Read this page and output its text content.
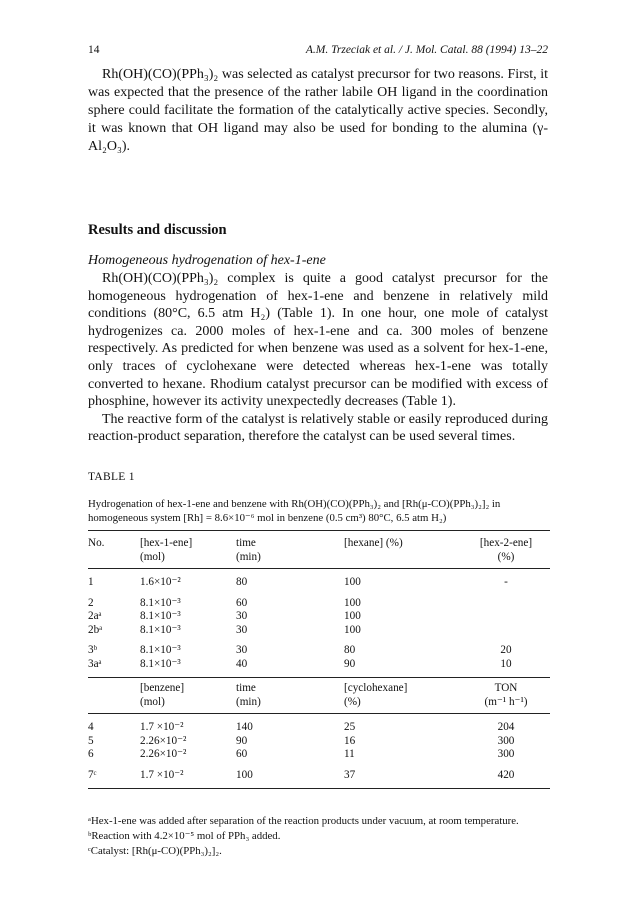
14	A.M. Trzeciak et al. / J. Mol. Catal. 88 (1994) 13–22

Rh(OH)(CO)(PPh₃)₂ was selected as catalyst precursor for two reasons. First, it was expected that the presence of the rather labile OH ligand in the coordination sphere could facilitate the formation of the catalytically active species. Secondly, it was known that OH ligand may also be used for bonding to the alumina (γ-Al₂O₃).

Results and discussion
Homogeneous hydrogenation of hex-1-ene

Rh(OH)(CO)(PPh₃)₂ complex is quite a good catalyst precursor for the homogeneous hydrogenation of hex-1-ene and benzene in relatively mild conditions (80°C, 6.5 atm H₂) (Table 1). In one hour, one mole of catalyst hydrogenizes ca. 2000 moles of hex-1-ene and ca. 300 moles of benzene respectively. As predicted for when benzene was used as a solvent for hex-1-ene, only traces of cyclohexane were detected whereas hex-1-ene was totally converted to hexane. Rhodium catalyst precursor can be modified with excess of phosphine, however its activity unexpectedly decreases (Table 1).

The reactive form of the catalyst is relatively stable or easily reproduced during reaction-product separation, therefore the catalyst can be used several times.

TABLE 1
Hydrogenation of hex-1-ene and benzene with Rh(OH)(CO)(PPh₃)₂ and [Rh(μ-CO)(PPh₃)₂]₂ in homogeneous system [Rh] = 8.6×10⁻⁶ mol in benzene (0.5 cm³) 80°C, 6.5 atm H₂)
No.	[hex-1-ene]	time	[hexane] (%)	[hex-2-ene]
	(mol)	(min)		(%)
1	1.6×10⁻²	80	100	-
2	8.1×10⁻³	60	100	
2aᵃ	8.1×10⁻³	30	100	
2bᵃ	8.1×10⁻³	30	100	
3ᵇ	8.1×10⁻³	30	80	20
3aᵃ	8.1×10⁻³	40	90	10
	[benzene]	time	[cyclohexane]	TON
	(mol)	(min)	(%)	(m⁻¹ h⁻¹)
4	1.7 ×10⁻²	140	25	204
5	2.26×10⁻²	90	16	300
6	2.26×10⁻²	60	11	300
7ᶜ	1.7 ×10⁻²	100	37	420
ᵃHex-1-ene was added after separation of the reaction products under vacuum, at room temperature.
ᵇReaction with 4.2×10⁻⁵ mol of PPh₃ added.
ᶜCatalyst: [Rh(μ-CO)(PPh₃)₂]₂.
